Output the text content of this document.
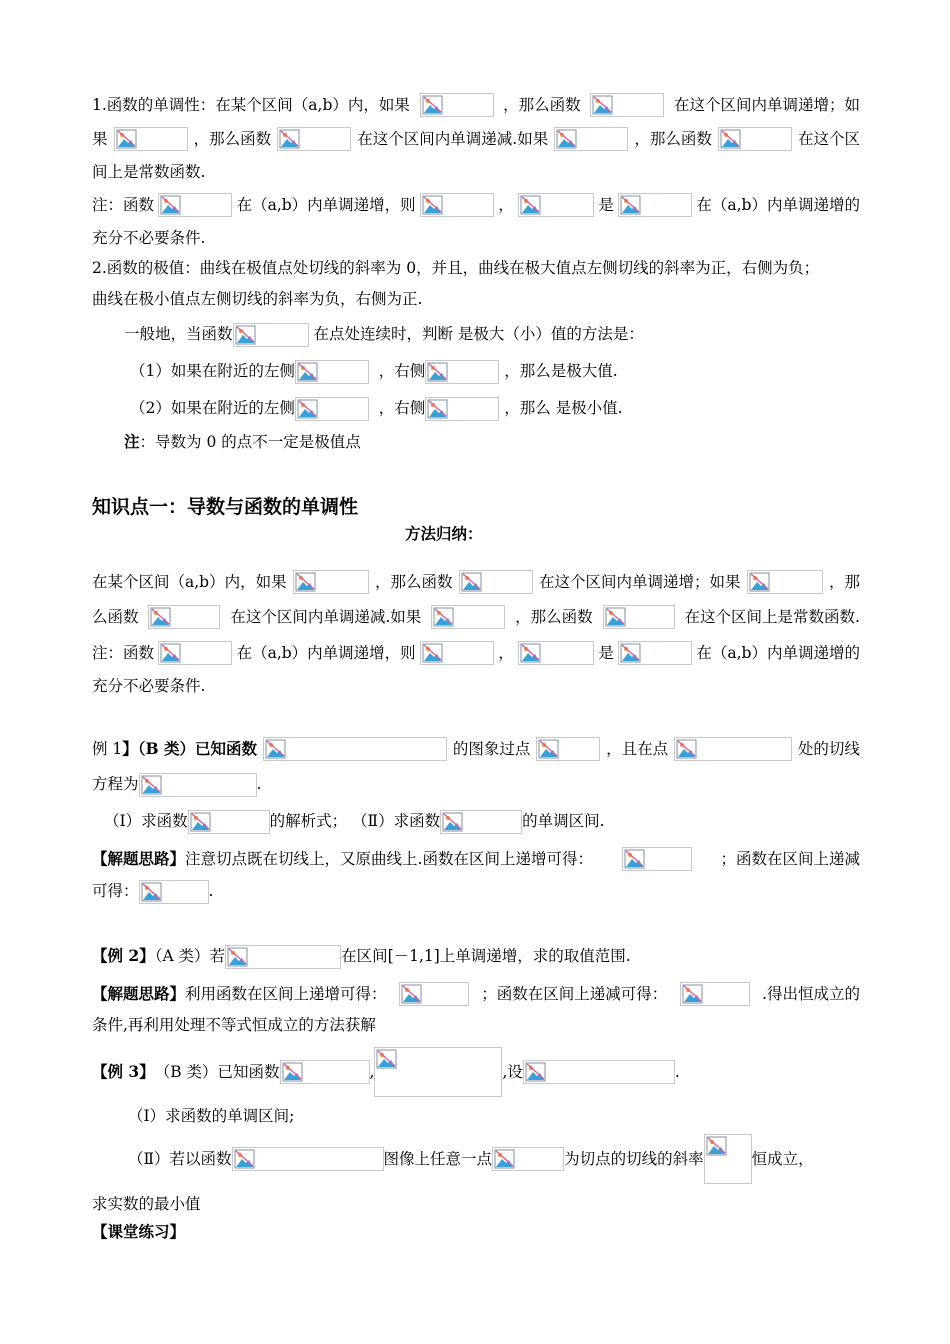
1.函数的单调性：在某个区间（a,b）内，如果	，那么函数	在这个区间内单调递增；如
果	，那么函数	在这个区间内单调递减.如果	，那么函数	在这个区
间上是常数函数.
注：函数	在（a,b）内单调递增，则	，	是	在（a,b）内单调递增的
充分不必要条件.
2.函数的极值：曲线在极值点处切线的斜率为 0，并且，曲线在极大值点左侧切线的斜率为正，右侧为负；
曲线在极小值点左侧切线的斜率为负，右侧为正.
一般地，当函数	在点处连续时，判断 是极大（小）值的方法是：
（1）如果在附近的左侧	，右侧	，那么是极大值.
（2）如果在附近的左侧	，右侧	，那么 是极小值.
注：导数为 0 的点不一定是极值点
知识点一：导数与函数的单调性
方法归纳：
在某个区间（a,b）内，如果	，那么函数	在这个区间内单调递增；如果	，那
么函数	在这个区间内单调递减.如果	，那么函数	在这个区间上是常数函数.
注：函数	在（a,b）内单调递增，则	，	是	在（a,b）内单调递增的
充分不必要条件.
例 1】（B 类）已知函数	的图象过点	，且在点	处的切线
方程为	.
（Ⅰ）求函数	的解析式； （Ⅱ）求函数	的单调区间.
【解题思路】注意切点既在切线上，又原曲线上.函数在区间上递增可得：	；函数在区间上递减
可得：	.
【例 2】（A 类）若	在区间[－1,1]上单调递增，求的取值范围.
【解题思路】利用函数在区间上递增可得：	；函数在区间上递减可得：	.得出恒成立的
条件,再利用处理不等式恒成立的方法获解
【例 3】 （B 类）已知函数	,	,设	.
（Ⅰ）求函数的单调区间;
（Ⅱ）若以函数	图像上任意一点	为切点的切线的斜率	恒成立，
求实数的最小值
【课堂练习】
